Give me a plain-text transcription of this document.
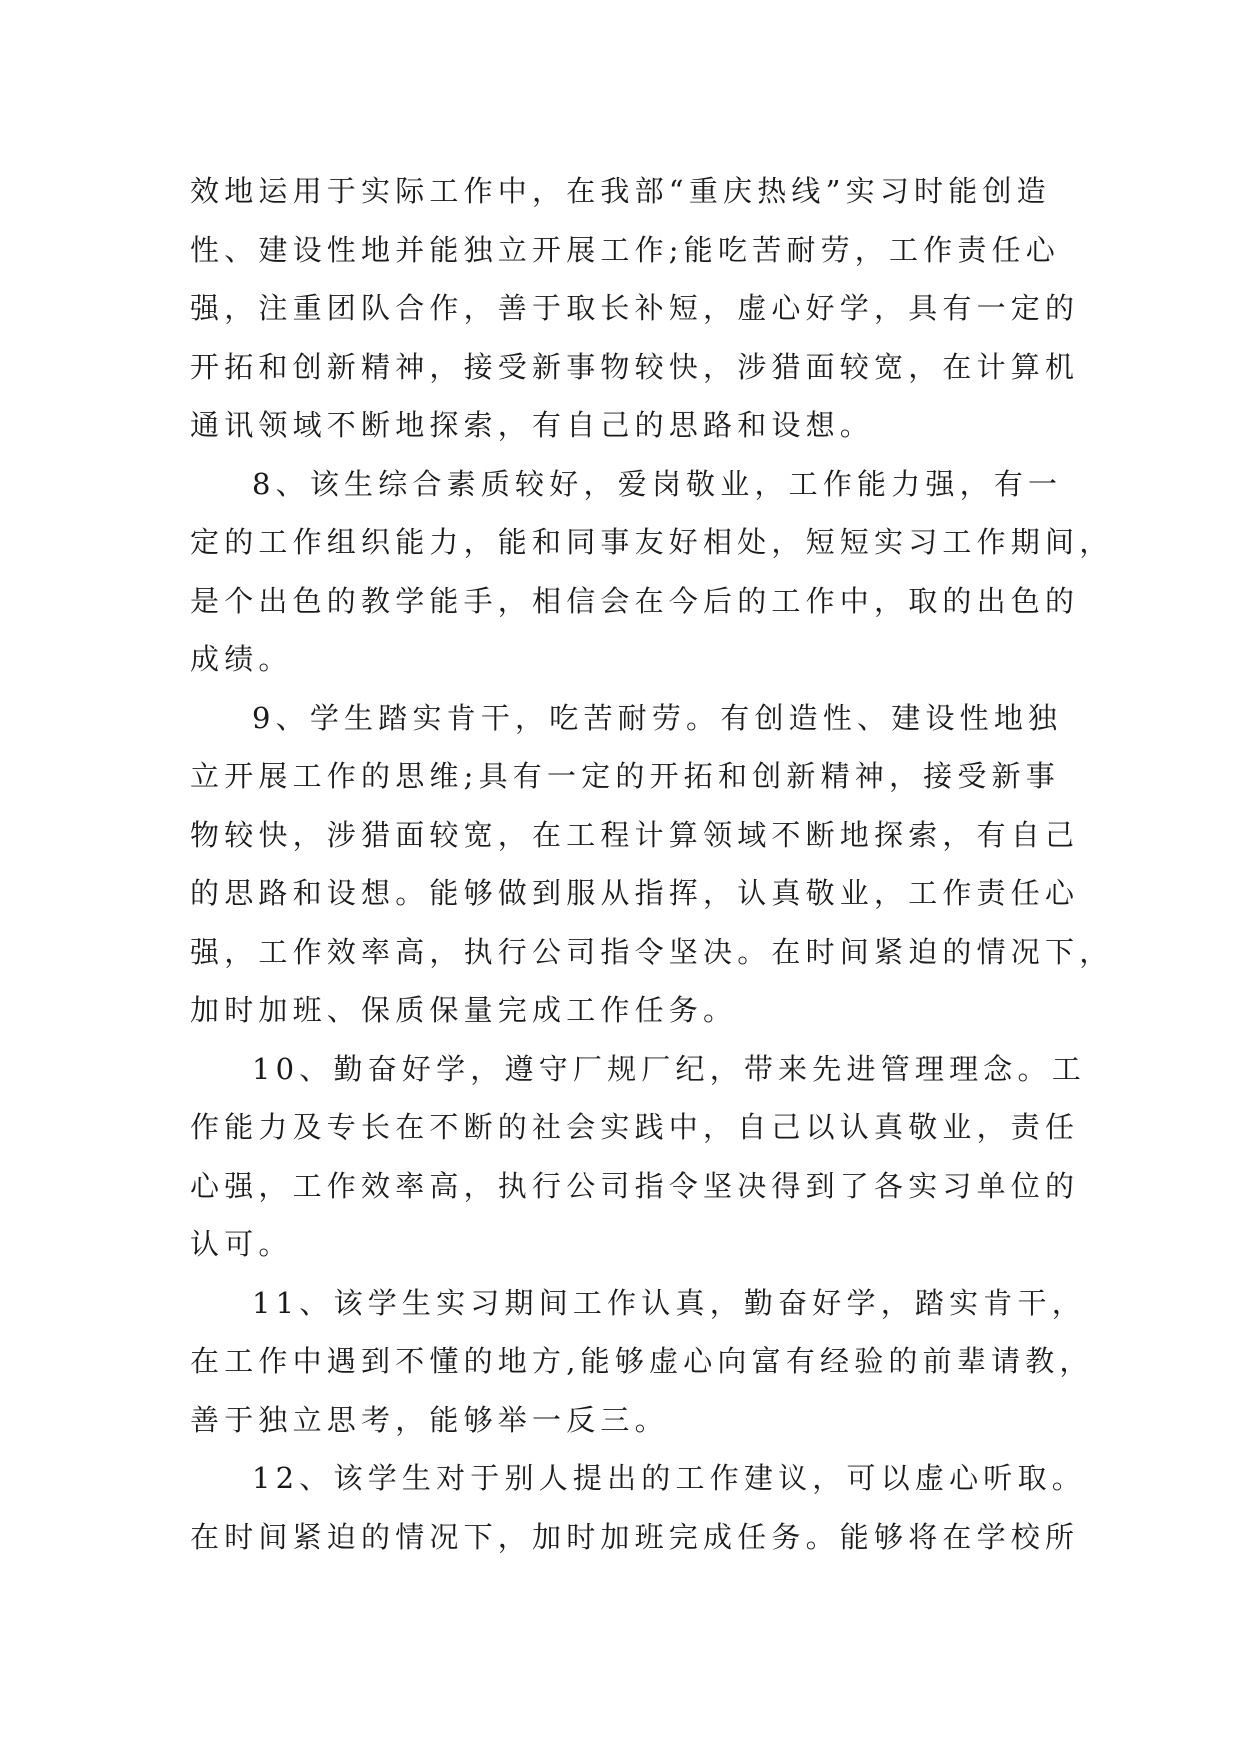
效地运用于实际工作中，在我部“重庆热线”实习时能创造
性、建设性地并能独立开展工作;能吃苦耐劳，工作责任心
强，注重团队合作，善于取长补短，虚心好学，具有一定的
开拓和创新精神，接受新事物较快，涉猎面较宽，在计算机
通讯领域不断地探索，有自己的思路和设想。
8、该生综合素质较好，爱岗敬业，工作能力强，有一
定的工作组织能力，能和同事友好相处，短短实习工作期间，
是个出色的教学能手，相信会在今后的工作中，取的出色的
成绩。
9、学生踏实肯干，吃苦耐劳。有创造性、建设性地独
立开展工作的思维;具有一定的开拓和创新精神，接受新事
物较快，涉猎面较宽，在工程计算领域不断地探索，有自己
的思路和设想。能够做到服从指挥，认真敬业，工作责任心
强，工作效率高，执行公司指令坚决。在时间紧迫的情况下，
加时加班、保质保量完成工作任务。
10、勤奋好学，遵守厂规厂纪，带来先进管理理念。工
作能力及专长在不断的社会实践中，自己以认真敬业，责任
心强，工作效率高，执行公司指令坚决得到了各实习单位的
认可。
11、该学生实习期间工作认真，勤奋好学，踏实肯干，
在工作中遇到不懂的地方,能够虚心向富有经验的前辈请教，
善于独立思考，能够举一反三。
12、该学生对于别人提出的工作建议，可以虚心听取。
在时间紧迫的情况下，加时加班完成任务。能够将在学校所
